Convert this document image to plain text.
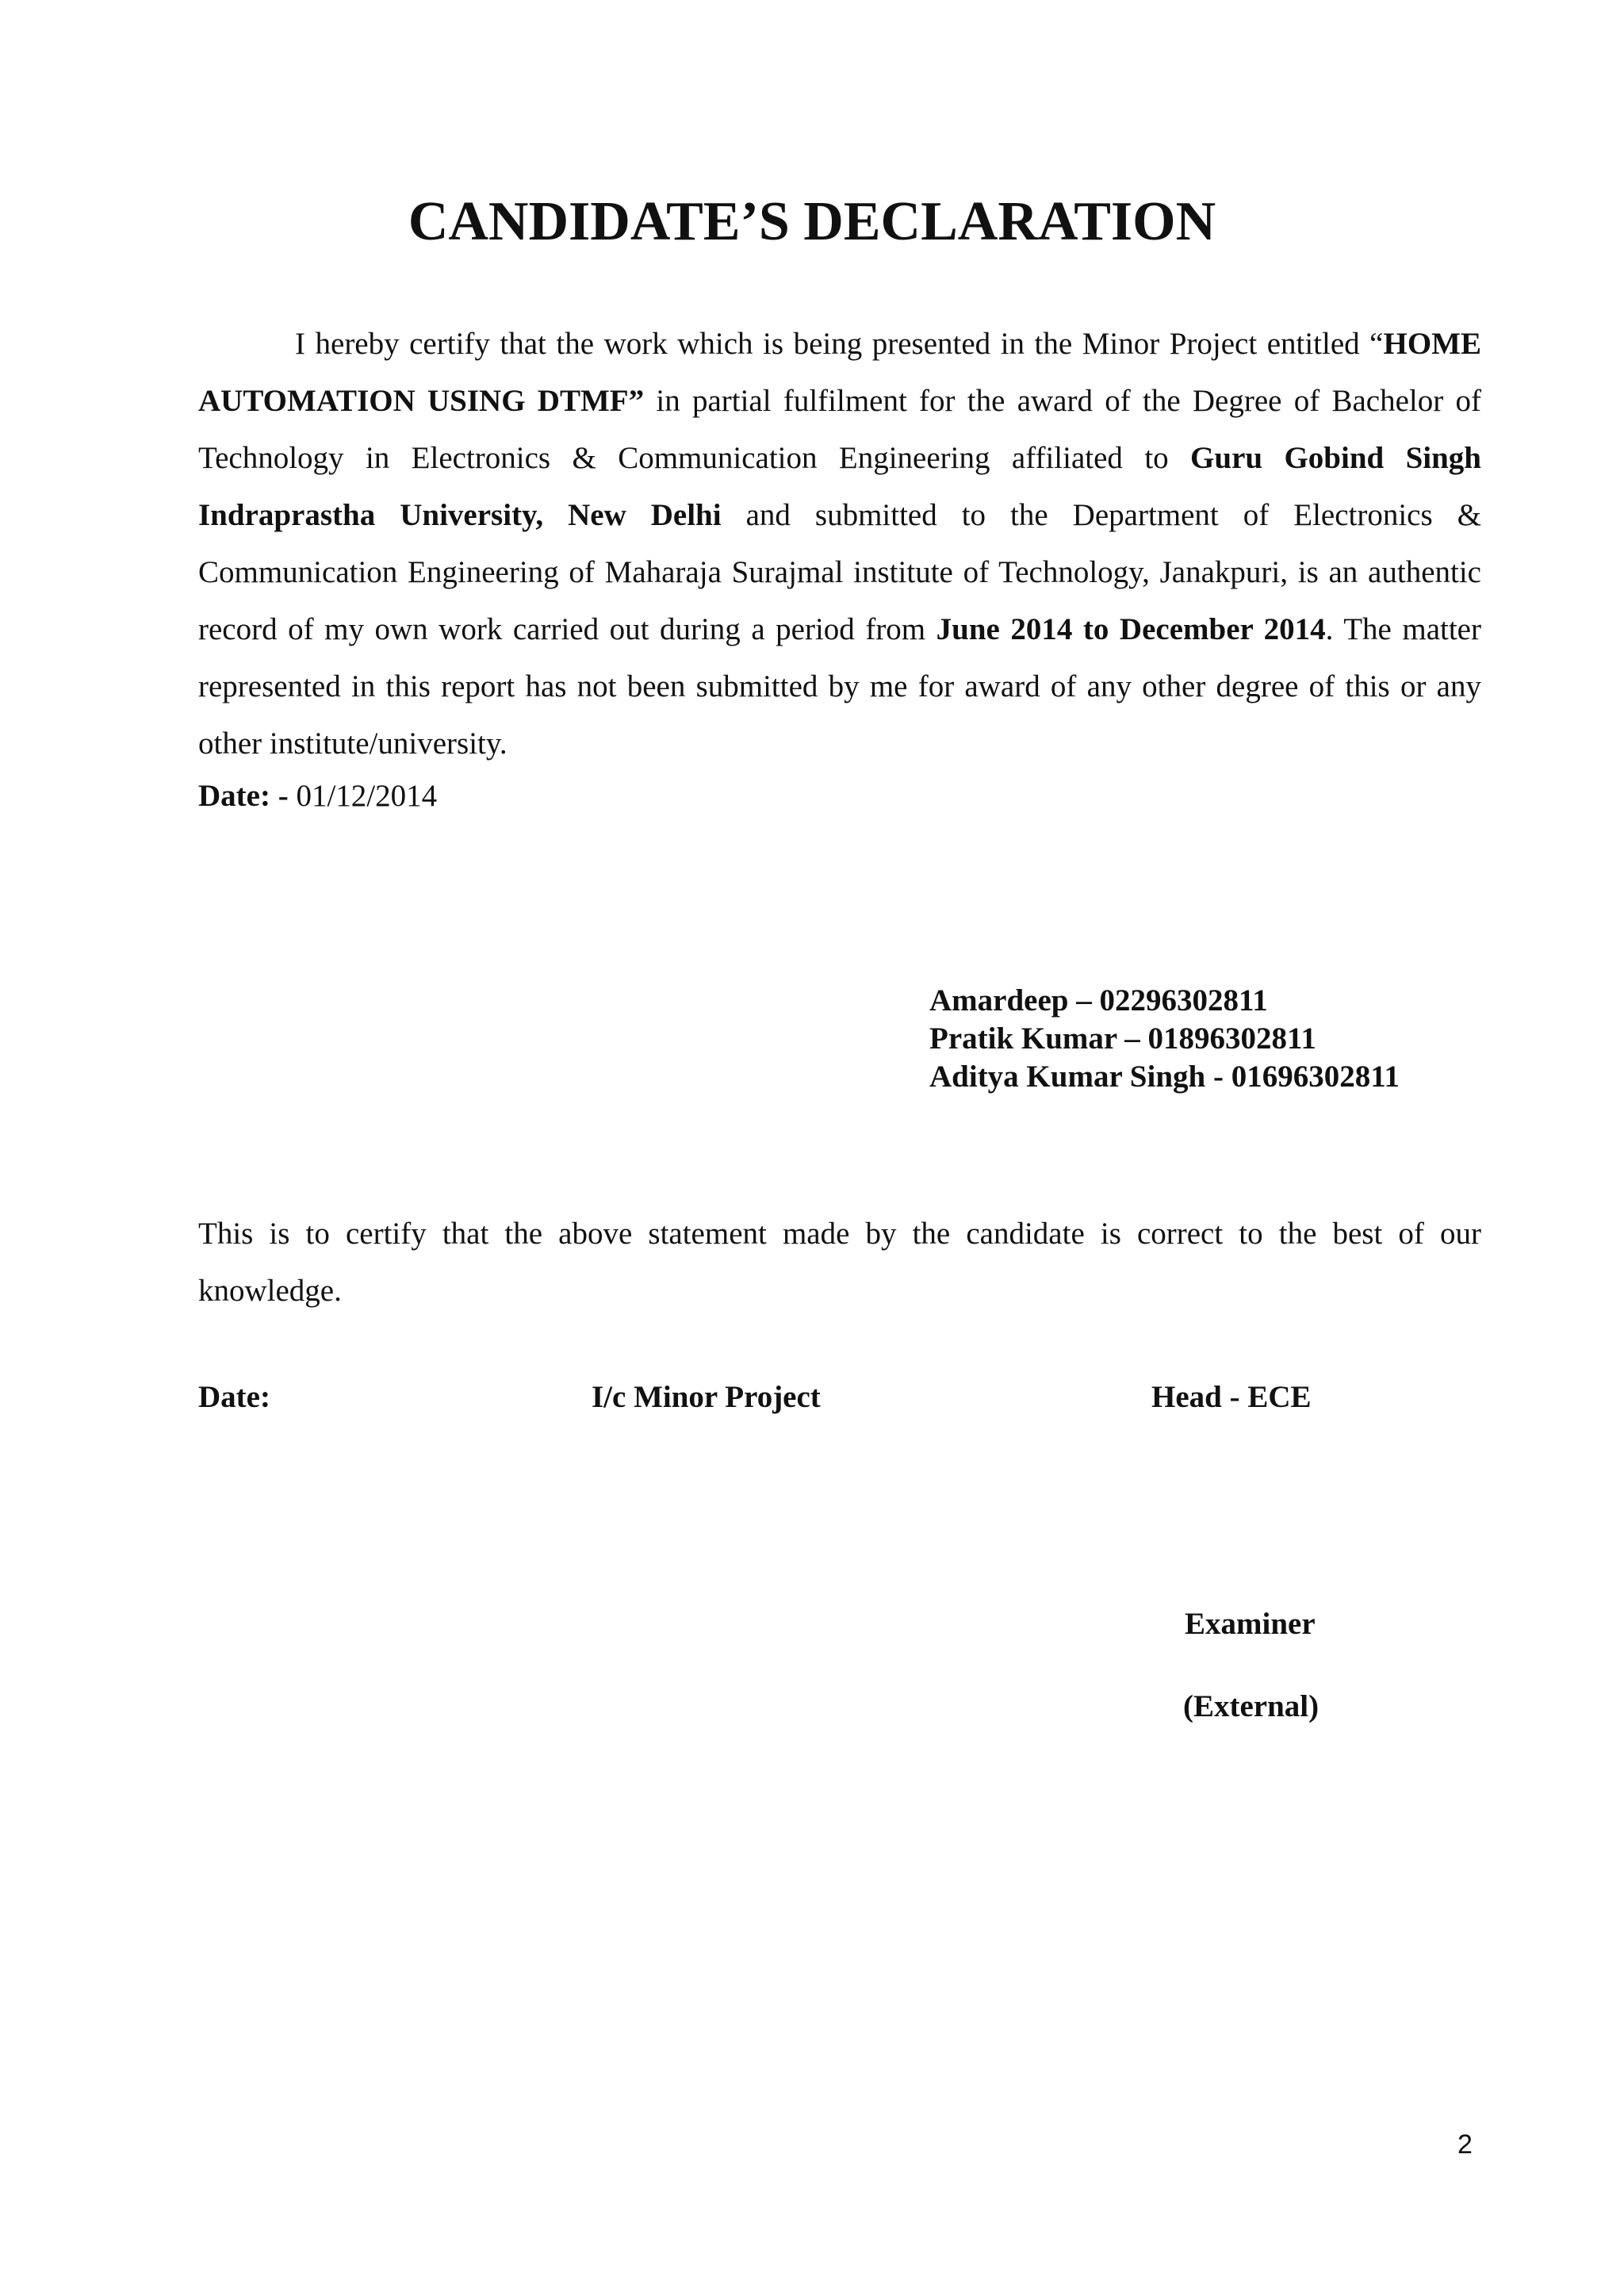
CANDIDATE’S DECLARATION

I hereby certify that the work which is being presented in the Minor Project entitled “HOME AUTOMATION USING DTMF” in partial fulfilment for the award of the Degree of Bachelor of Technology in Electronics & Communication Engineering affiliated to Guru Gobind Singh Indraprastha University, New Delhi and submitted to the Department of Electronics & Communication Engineering of Maharaja Surajmal institute of Technology, Janakpuri, is an authentic record of my own work carried out during a period from June 2014 to December 2014. The matter represented in this report has not been submitted by me for award of any other degree of this or any other institute/university.

Date: - 01/12/2014

Amardeep – 02296302811
Pratik Kumar – 01896302811
Aditya Kumar Singh - 01696302811

This is to certify that the above statement made by the candidate is correct to the best of our knowledge.

Date:	I/c Minor Project	Head - ECE
Examiner
(External)
2
